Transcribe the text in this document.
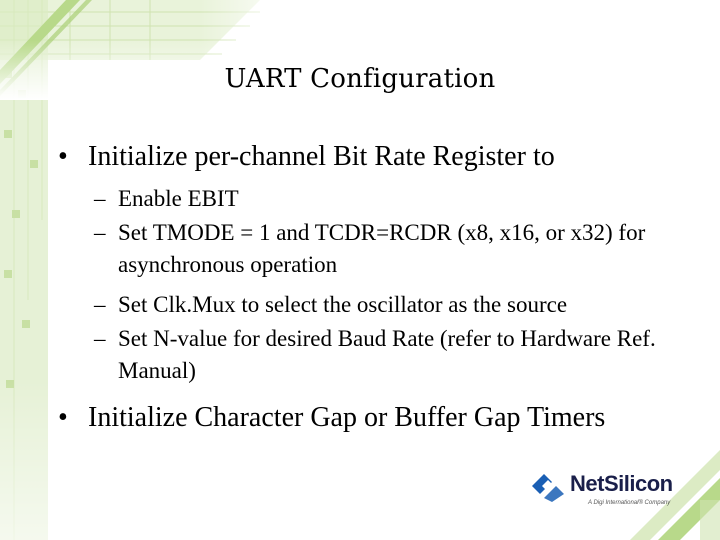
UART Configuration
• Initialize per-channel Bit Rate Register to
– Enable EBIT
– Set TMODE = 1 and TCDR=RCDR (x8, x16, or x32) for asynchronous operation
– Set Clk.Mux to select the oscillator as the source
– Set N-value for desired Baud Rate (refer to Hardware Ref. Manual)
• Initialize Character Gap or Buffer Gap Timers
NetSilicon
A Digi International® Company
